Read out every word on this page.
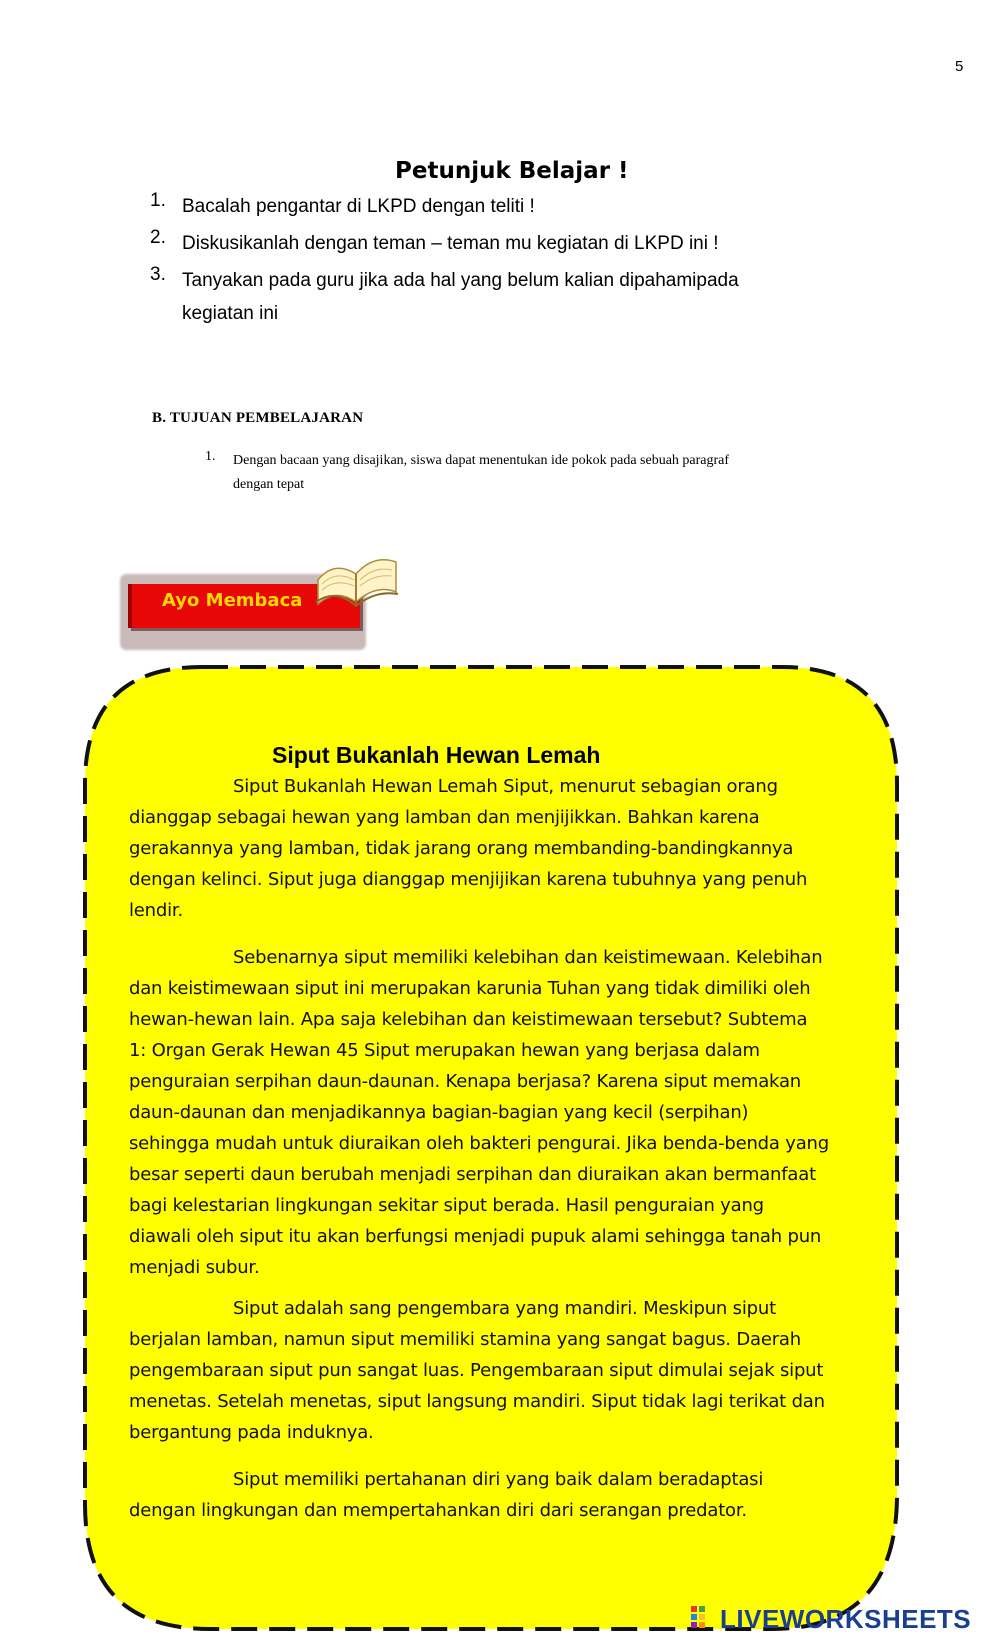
5
Petunjuk Belajar !
1. Bacalah pengantar di LKPD dengan teliti !
2. Diskusikanlah dengan teman – teman mu kegiatan di LKPD ini !
3. Tanyakan pada guru jika ada hal yang belum kalian dipahamipada kegiatan ini
B. TUJUAN PEMBELAJARAN
1. Dengan bacaan yang disajikan, siswa dapat menentukan ide pokok pada sebuah paragraf dengan tepat
Ayo Membaca
Siput Bukanlah Hewan Lemah
Siput Bukanlah Hewan Lemah Siput, menurut sebagian orang dianggap sebagai hewan yang lamban dan menjijikkan. Bahkan karena gerakannya yang lamban, tidak jarang orang membanding-bandingkannya dengan kelinci. Siput juga dianggap menjijikan karena tubuhnya yang penuh lendir.
Sebenarnya siput memiliki kelebihan dan keistimewaan. Kelebihan dan keistimewaan siput ini merupakan karunia Tuhan yang tidak dimiliki oleh hewan-hewan lain. Apa saja kelebihan dan keistimewaan tersebut? Subtema 1: Organ Gerak Hewan 45 Siput merupakan hewan yang berjasa dalam penguraian serpihan daun-daunan. Kenapa berjasa? Karena siput memakan daun-daunan dan menjadikannya bagian-bagian yang kecil (serpihan) sehingga mudah untuk diuraikan oleh bakteri pengurai. Jika benda-benda yang besar seperti daun berubah menjadi serpihan dan diuraikan akan bermanfaat bagi kelestarian lingkungan sekitar siput berada. Hasil penguraian yang diawali oleh siput itu akan berfungsi menjadi pupuk alami sehingga tanah pun menjadi subur.
Siput adalah sang pengembara yang mandiri. Meskipun siput berjalan lamban, namun siput memiliki stamina yang sangat bagus. Daerah pengembaraan siput pun sangat luas. Pengembaraan siput dimulai sejak siput menetas. Setelah menetas, siput langsung mandiri. Siput tidak lagi terikat dan bergantung pada induknya.
Siput memiliki pertahanan diri yang baik dalam beradaptasi dengan lingkungan dan mempertahankan diri dari serangan predator.
LIVEWORKSHEETS
